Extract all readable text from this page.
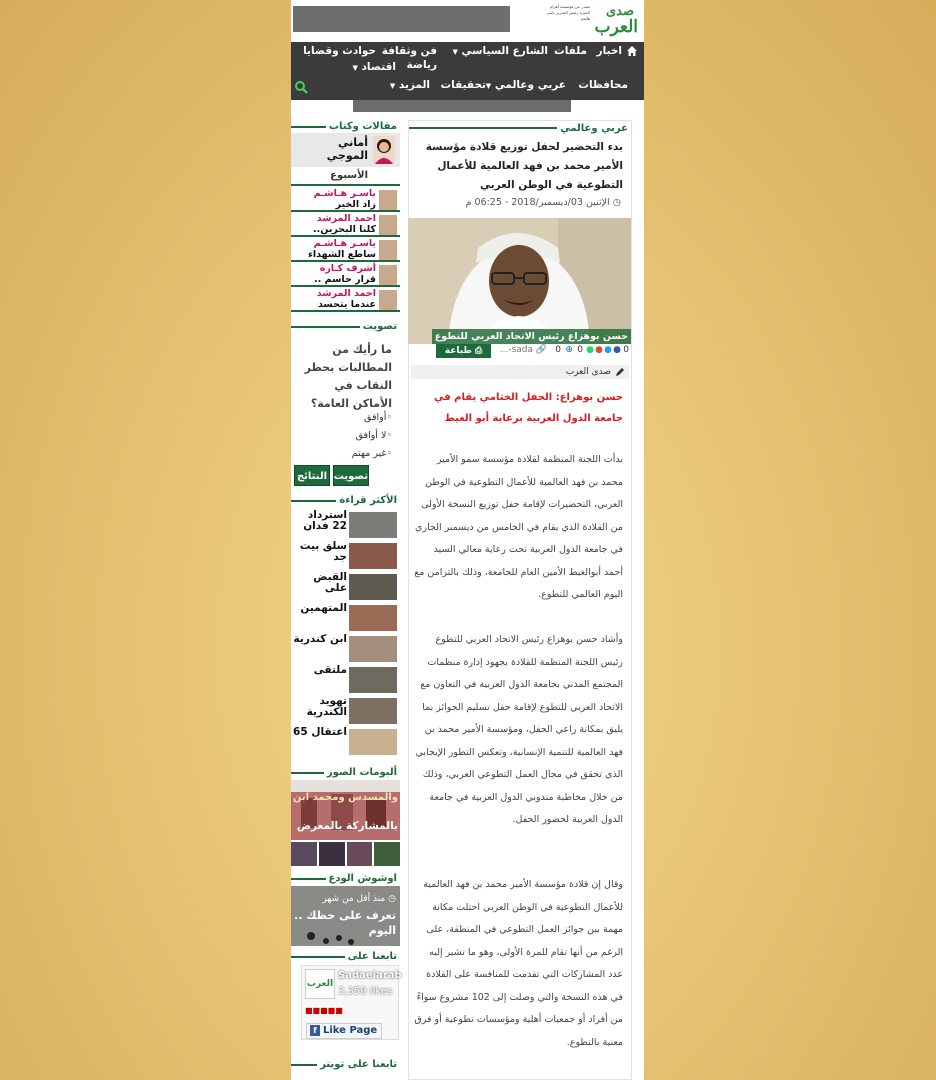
تصدر عن مؤسسة أهرام الجيزة رئيس التحرير ياسر هاشم صدى
العرب
اخبار
ملفات
الشارع السياسي ▼
فن وثقافة
حوادث وقضايا
رياضة
اقتصاد ▼
محافظات
عربي وعالمي ▼
تحقيقات
المزيد ▼
عربي وعالمي
بدء التحضير لحفل توزيع قلادة مؤسسة الأمير محمد بن فهد العالمية للأعمال التطوعية في الوطن العربي
◷ الإثنين 03/ديسمبر/2018 - 06:25 م
حسن بوهزاع رئيس الاتحاد العربي للتطوع
0
●
●
●
●
0
⊕
0
🔗
sada-...
⎙ طباعة
صدى العرب
حسن بوهزاع: الحفل الختامي يقام في جامعة الدول العربية برعاية أبو الغيط
بدأت اللجنة المنظمة لقلادة مؤسسة سمو الأمير محمد بن فهد العالمية للأعمال التطوعية في الوطن العربي، التحضيرات لإقامة حفل توزيع النسخة الأولى من القلادة الذي يقام في الخامس من ديسمبر الجاري في جامعة الدول العربية تحت رعاية معالي السيد أحمد أبوالغيط الأمين العام للجامعة، وذلك بالتزامن مع اليوم العالمي للتطوع.
وأشاد حسن بوهزاع رئيس الاتحاد العربي للتطوع رئيس اللجنة المنظمة للقلادة بجهود إدارة منظمات المجتمع المدني بجامعة الدول العربية في التعاون مع الاتحاد العربي للتطوع لإقامة حفل تسليم الجوائز بما يليق بمكانة راعي الحفل، ومؤسسة الأمير محمد بن فهد العالمية للتنمية الإنسانية، وتعكس التطور الإيجابي الذي تحقق في مجال العمل التطوعي العربي، وذلك من خلال مخاطبة مندوبي الدول العربية في جامعة الدول العربية لحضور الحفل.
وقال إن قلادة مؤسسة الأمير محمد بن فهد العالمية للأعمال التطوعية في الوطن العربي احتلت مكانة مهمة بين جوائز العمل التطوعي في المنطقة، على الرغم من أنها تقام للمرة الأولى، وهو ما تشير إليه عدد المشاركات التي تقدمت للمنافسة على القلادة في هذه النسخة والتي وصلت إلى 102 مشروع سواءً من أفراد أو جمعيات أهلية ومؤسسات تطوعية أو فرق معنية بالتطوع.
مقالات وكتاب
أماني الموجي
الأسبوع
ياسـر هـاشـم
زاد الخير
احمد المرشد
كلنا البحرين..
ياسـر هـاشـم
ساطع الشهداء
أشرف كـاره
قرار حاسم ..
احمد المرشد
عندما يتحسد
تصويت
ما رأيك من المطالبات بحظر النقاب في الأماكن العامة؟
◦أوافق
◦لا أوافق
◦غير مهتم
تصويت
النتائج
الأكثر قراءة
استرداد 22 فدان
سلق بيت جد
القبض على
المتهمين
ابن كندرية
ملتقى
تهويد الكندرية
اعتقال 65
ألبومات الصور
والمسدس ومحمد ابن
بالمشاركة بالمعرض
اوشوش الودع
◷ منذ أقل من شهر
تعرف على حظك .. اليوم
تابعنا على
العرب
Sadaeiarab
3,359 likes
■■■■■
f Like Page
تابعنا على تويتر
